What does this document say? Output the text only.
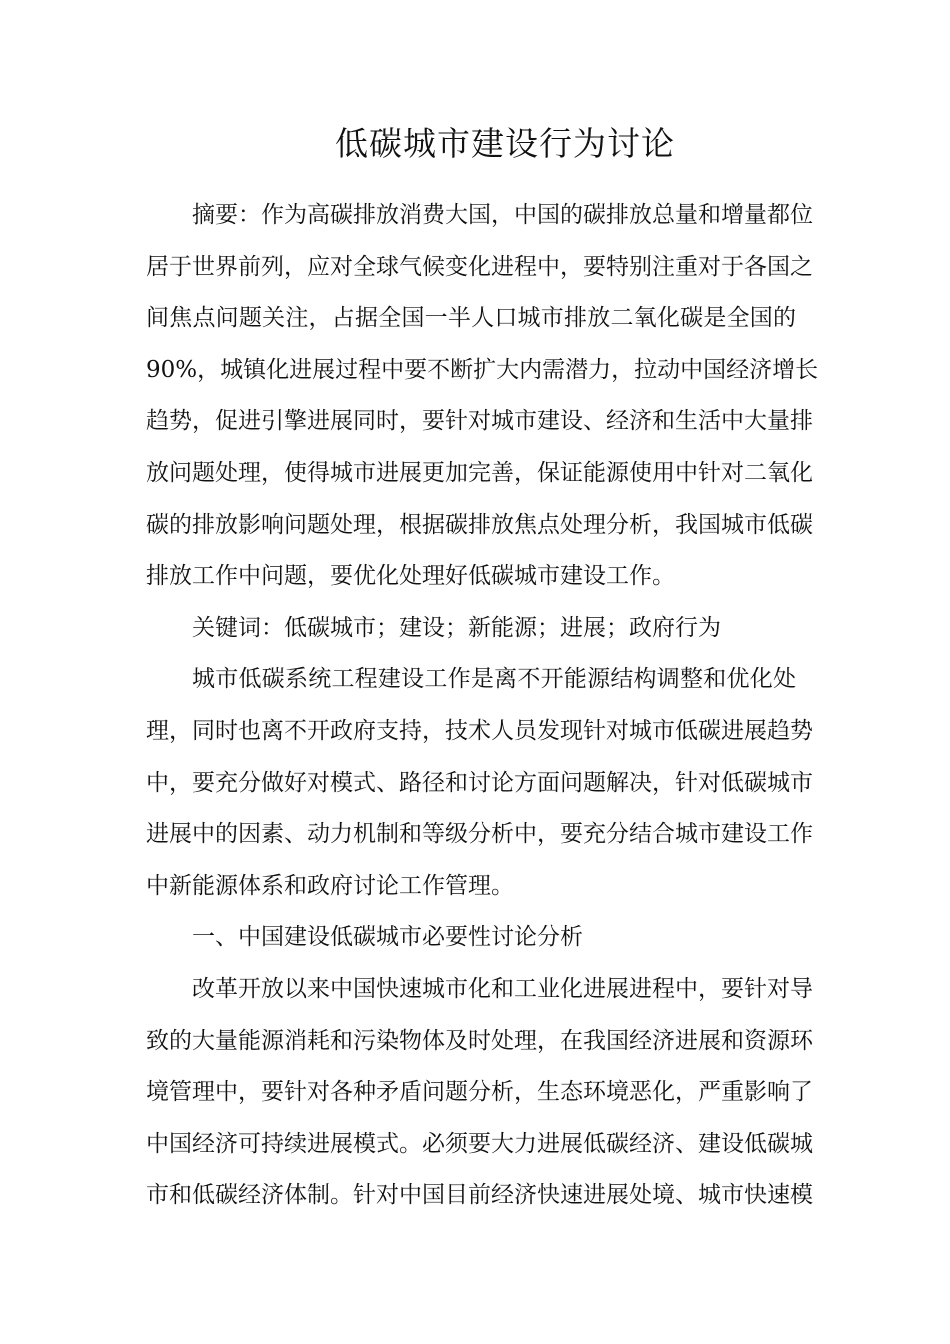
低碳城市建设行为讨论
摘要：作为高碳排放消费大国，中国的碳排放总量和增量都位
居于世界前列，应对全球气候变化进程中，要特别注重对于各国之
间焦点问题关注，占据全国一半人口城市排放二氧化碳是全国的
90%，城镇化进展过程中要不断扩大内需潜力，拉动中国经济增长
趋势，促进引擎进展同时，要针对城市建设、经济和生活中大量排
放问题处理，使得城市进展更加完善，保证能源使用中针对二氧化
碳的排放影响问题处理，根据碳排放焦点处理分析，我国城市低碳
排放工作中问题，要优化处理好低碳城市建设工作。
关键词：低碳城市；建设；新能源；进展；政府行为
城市低碳系统工程建设工作是离不开能源结构调整和优化处
理，同时也离不开政府支持，技术人员发现针对城市低碳进展趋势
中，要充分做好对模式、路径和讨论方面问题解决，针对低碳城市
进展中的因素、动力机制和等级分析中，要充分结合城市建设工作
中新能源体系和政府讨论工作管理。
一、中国建设低碳城市必要性讨论分析
改革开放以来中国快速城市化和工业化进展进程中，要针对导
致的大量能源消耗和污染物体及时处理，在我国经济进展和资源环
境管理中，要针对各种矛盾问题分析，生态环境恶化，严重影响了
中国经济可持续进展模式。必须要大力进展低碳经济、建设低碳城
市和低碳经济体制。针对中国目前经济快速进展处境、城市快速模
